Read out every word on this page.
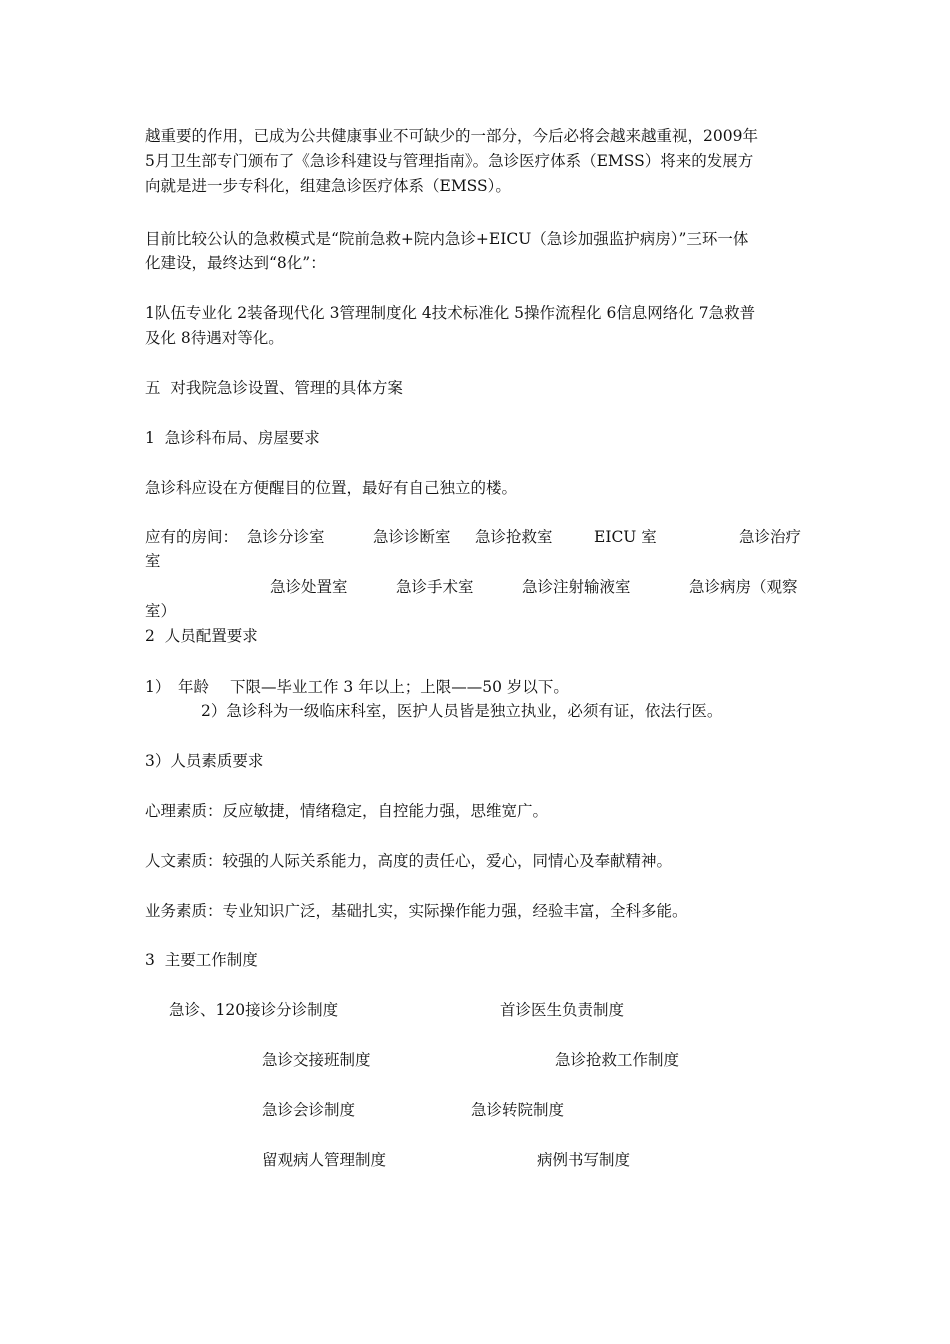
越重要的作用，已成为公共健康事业不可缺少的一部分，今后必将会越来越重视，2009年

5月卫生部专门颁布了《急诊科建设与管理指南》。急诊医疗体系（EMSS）将来的发展方

向就是进一步专科化，组建急诊医疗体系（EMSS）。

目前比较公认的急救模式是“院前急救+院内急诊+EICU（急诊加强监护病房）”三环一体

化建设，最终达到“8化”：

1队伍专业化 2装备现代化 3管理制度化 4技术标准化 5操作流程化 6信息网络化 7急救普

及化 8待遇对等化。

五  对我院急诊设置、管理的具体方案

1  急诊科布局、房屋要求

急诊科应设在方便醒目的位置，最好有自己独立的楼。

应有的房间： 急诊分诊室	急诊诊断室 急诊抢救室	EICU 室	急诊治疗
室
急诊处置室	急诊手术室	急诊注射输液室	急诊病房（观察
室）

2  人员配置要求

1） 年龄 下限—毕业工作 3 年以上；上限——50 岁以下。
2）急诊科为一级临床科室，医护人员皆是独立执业，必须有证，依法行医。
3）人员素质要求

心理素质：反应敏捷，情绪稳定，自控能力强，思维宽广。

人文素质：较强的人际关系能力，高度的责任心，爱心，同情心及奉献精神。

业务素质：专业知识广泛，基础扎实，实际操作能力强，经验丰富，全科多能。

3  主要工作制度

急诊、120接诊分诊制度	首诊医生负责制度
急诊交接班制度	急诊抢救工作制度
急诊会诊制度	急诊转院制度
留观病人管理制度	病例书写制度
